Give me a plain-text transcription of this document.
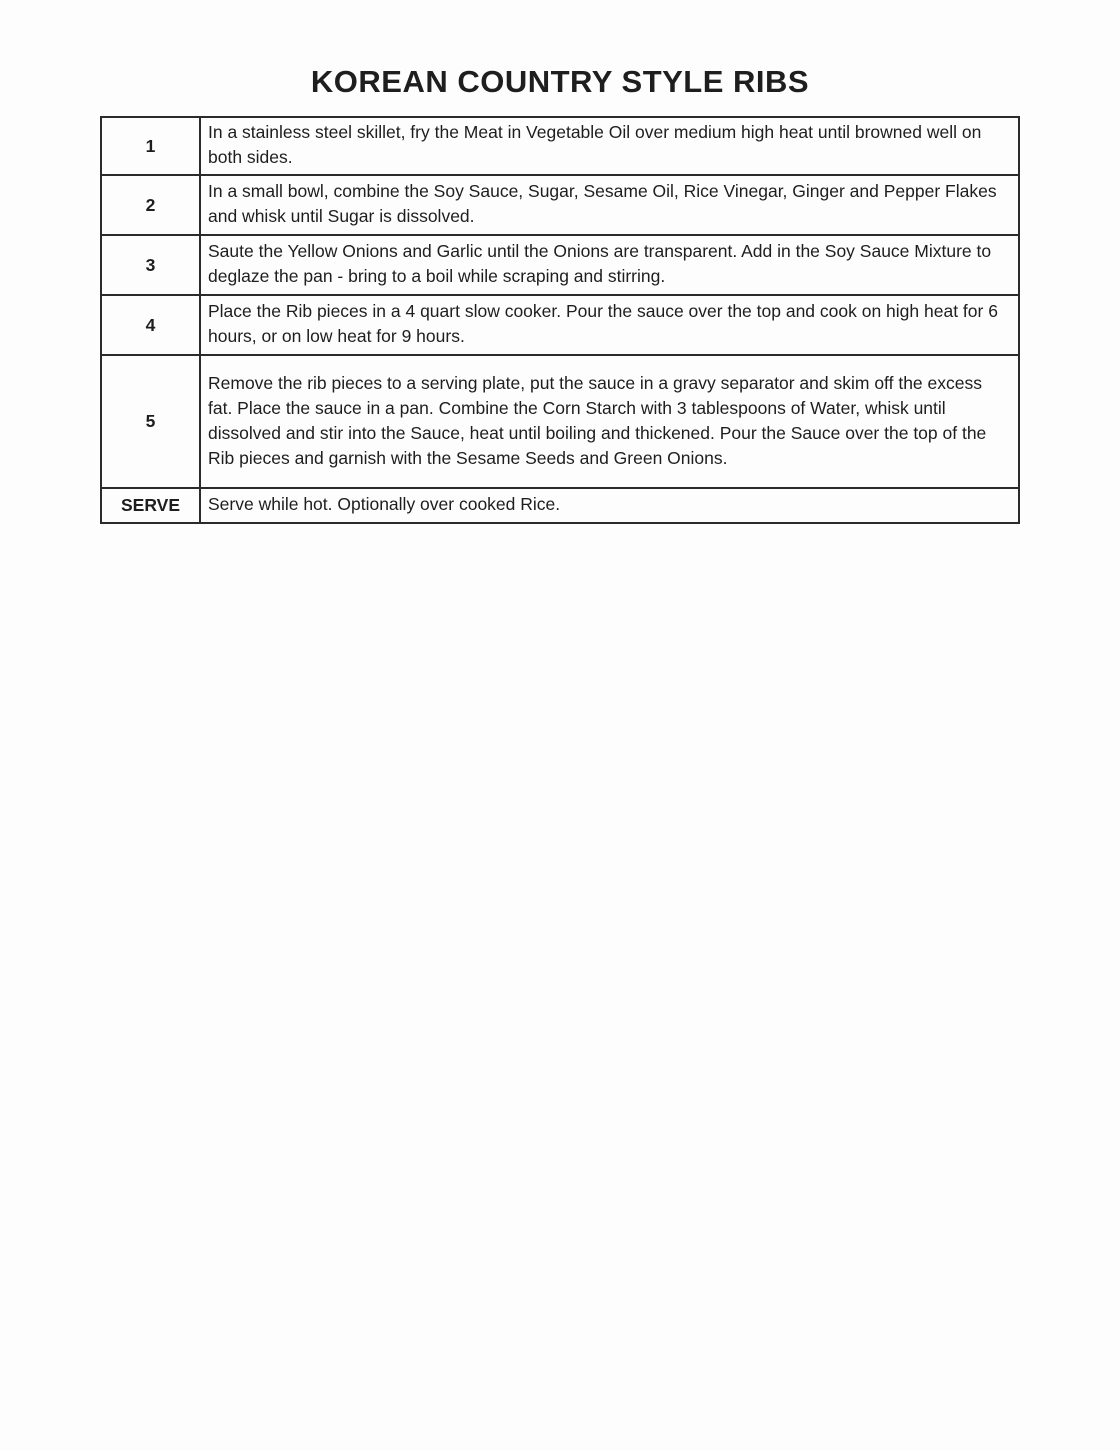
KOREAN COUNTRY STYLE RIBS
1	In a stainless steel skillet, fry the Meat in Vegetable Oil over medium high heat until browned well on both sides.
2	In a small bowl, combine the Soy Sauce, Sugar, Sesame Oil, Rice Vinegar, Ginger and Pepper Flakes and whisk until Sugar is dissolved.
3	Saute the Yellow Onions and Garlic until the Onions are transparent. Add in the Soy Sauce Mixture to deglaze the pan - bring to a boil while scraping and stirring.
4	Place the Rib pieces in a 4 quart slow cooker. Pour the sauce over the top and cook on high heat for 6 hours, or on low heat for 9 hours.
5	Remove the rib pieces to a serving plate, put the sauce in a gravy separator and skim off the excess fat. Place the sauce in a pan. Combine the Corn Starch with 3 tablespoons of Water, whisk until dissolved and stir into the Sauce, heat until boiling and thickened. Pour the Sauce over the top of the Rib pieces and garnish with the Sesame Seeds and Green Onions.
SERVE	Serve while hot. Optionally over cooked Rice.
